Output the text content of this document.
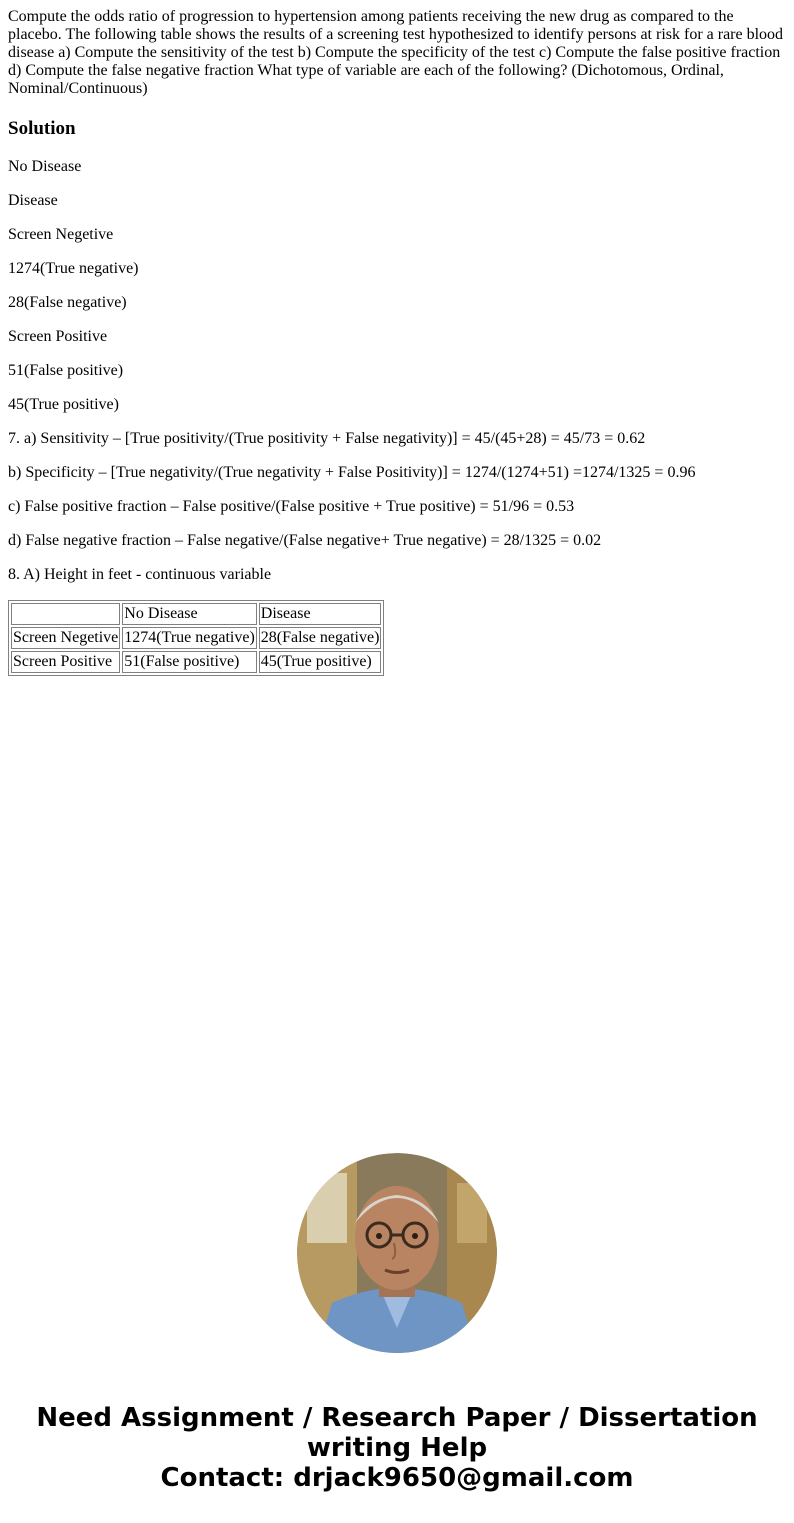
Compute the odds ratio of progression to hypertension among patients receiving the new drug as compared to the placebo. The following table shows the results of a screening test hypothesized to identify persons at risk for a rare blood disease a) Compute the sensitivity of the test b) Compute the specificity of the test c) Compute the false positive fraction d) Compute the false negative fraction What type of variable are each of the following? (Dichotomous, Ordinal, Nominal/Continuous)
Solution

No Disease

Disease

Screen Negetive

1274(True negative)

28(False negative)

Screen Positive

51(False positive)

45(True positive)

7. a) Sensitivity – [True positivity/(True positivity + False negativity)] = 45/(45+28) = 45/73 = 0.62

b) Specificity – [True negativity/(True negativity + False Positivity)] = 1274/(1274+51) =1274/1325 = 0.96

c) False positive fraction – False positive/(False positive + True positive) = 51/96 = 0.53

d) False negative fraction – False negative/(False negative+ True negative) = 28/1325 = 0.02

8. A) Height in feet - continuous variable

	No Disease	Disease
Screen Negetive	1274(True negative)	28(False negative)
Screen Positive	51(False positive)	45(True positive)
Need Assignment / Research Paper / Dissertation
writing Help
Contact: drjack9650@gmail.com
